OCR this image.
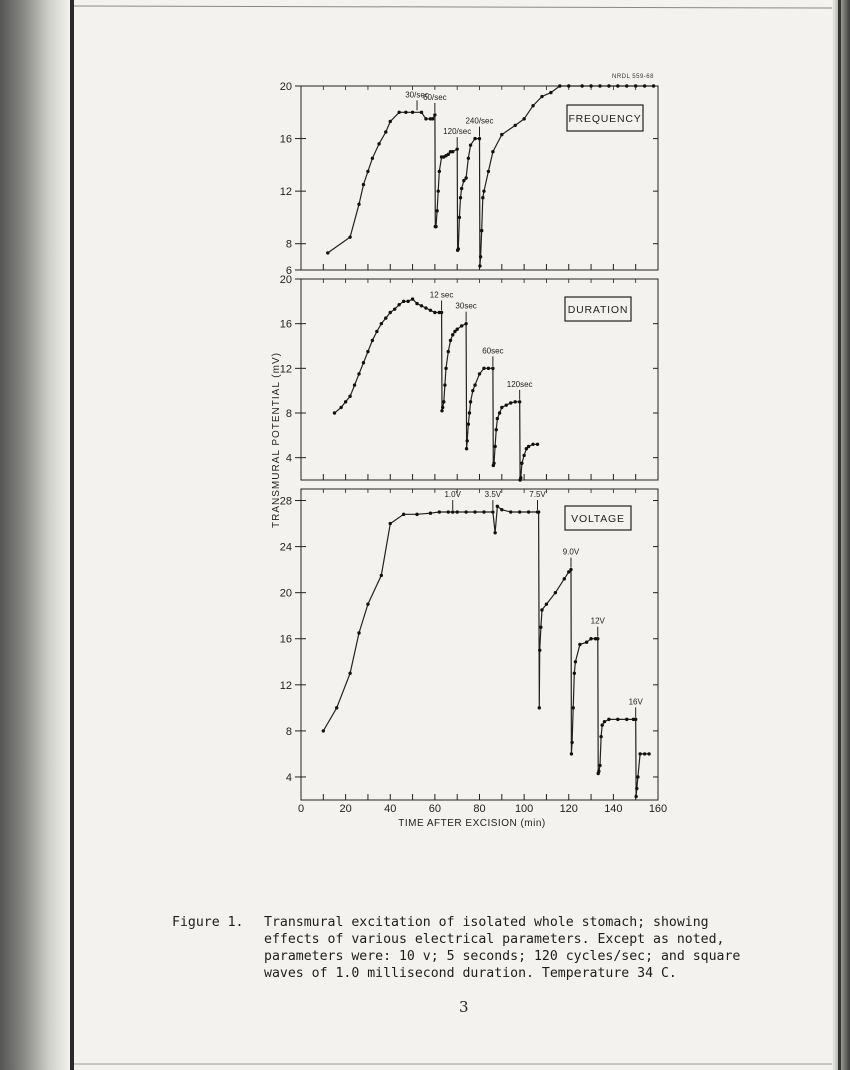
TRANSMURAL POTENTIAL (mV)
TIME AFTER EXCISION (min)
6
8
12
16
20
30/sec
60/sec
120/sec
240/sec	FREQUENCY
4
8
12
16
20
12 sec
30sec
60sec
120sec
DURATION
4
8
12
16
20
24
28
1.0V	3.5V	7.5V
9.0V
12V
16V
VOLTAGE
0	20	40	60	80	100 120 140 160
NRDL 559-68
Figure 1. Transmural excitation of isolated whole stomach; showing
effects of various electrical parameters. Except as noted,
parameters were: 10 v; 5 seconds; 120 cycles/sec; and square
waves of 1.0 millisecond duration. Temperature 34 C.
3
